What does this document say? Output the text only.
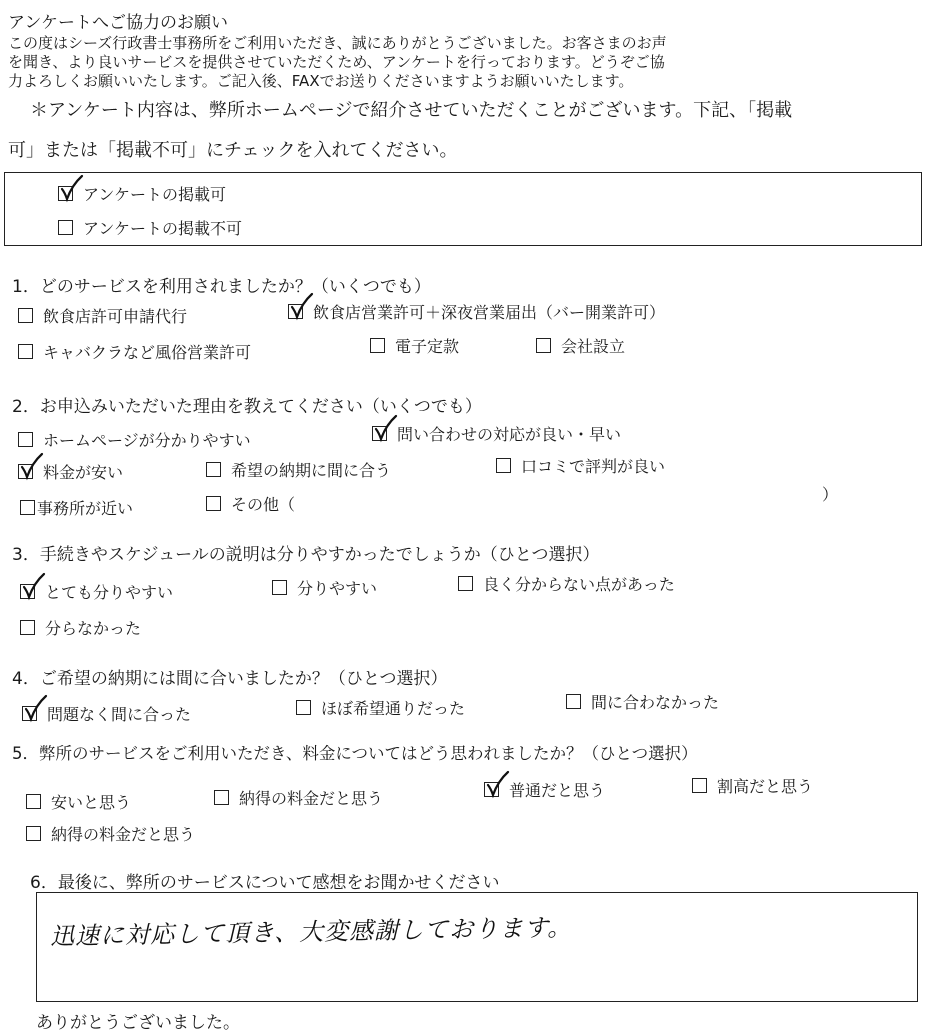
アンケートへご協力のお願い
この度はシーズ行政書士事務所をご利用いただき、誠にありがとうございました。お客さまのお声
を聞き、より良いサービスを提供させていただくため、アンケートを行っております。どうぞご協
力よろしくお願いいたします。ご記入後、FAXでお送りくださいますようお願いいたします。
＊アンケート内容は、弊所ホームページで紹介させていただくことがございます。下記、「掲載
可」または「掲載不可」にチェックを入れてください。
アンケートの掲載可
アンケートの掲載不可
1．どのサービスを利用されましたか？（いくつでも）
飲食店許可申請代行	飲食店営業許可＋深夜営業届出（バー開業許可）
キャバクラなど風俗営業許可	電子定款	会社設立
2．お申込みいただいた理由を教えてください（いくつでも）
ホームページが分かりやすい	問い合わせの対応が良い・早い
料金が安い	希望の納期に間に合う	口コミで評判が良い
事務所が近い	その他（
）
3．手続きやスケジュールの説明は分りやすかったでしょうか（ひとつ選択）
とても分りやすい	分りやすい	良く分からない点があった
分らなかった
4．ご希望の納期には間に合いましたか？（ひとつ選択）
問題なく間に合った	ほぼ希望通りだった	間に合わなかった
5．弊所のサービスをご利用いただき、料金についてはどう思われましたか？（ひとつ選択）
安いと思う	納得の料金だと思う	普通だと思う	割高だと思う
納得の料金だと思う
6．最後に、弊所のサービスについて感想をお聞かせください
迅速に対応して頂き、大変感謝しております。
ありがとうございました。
